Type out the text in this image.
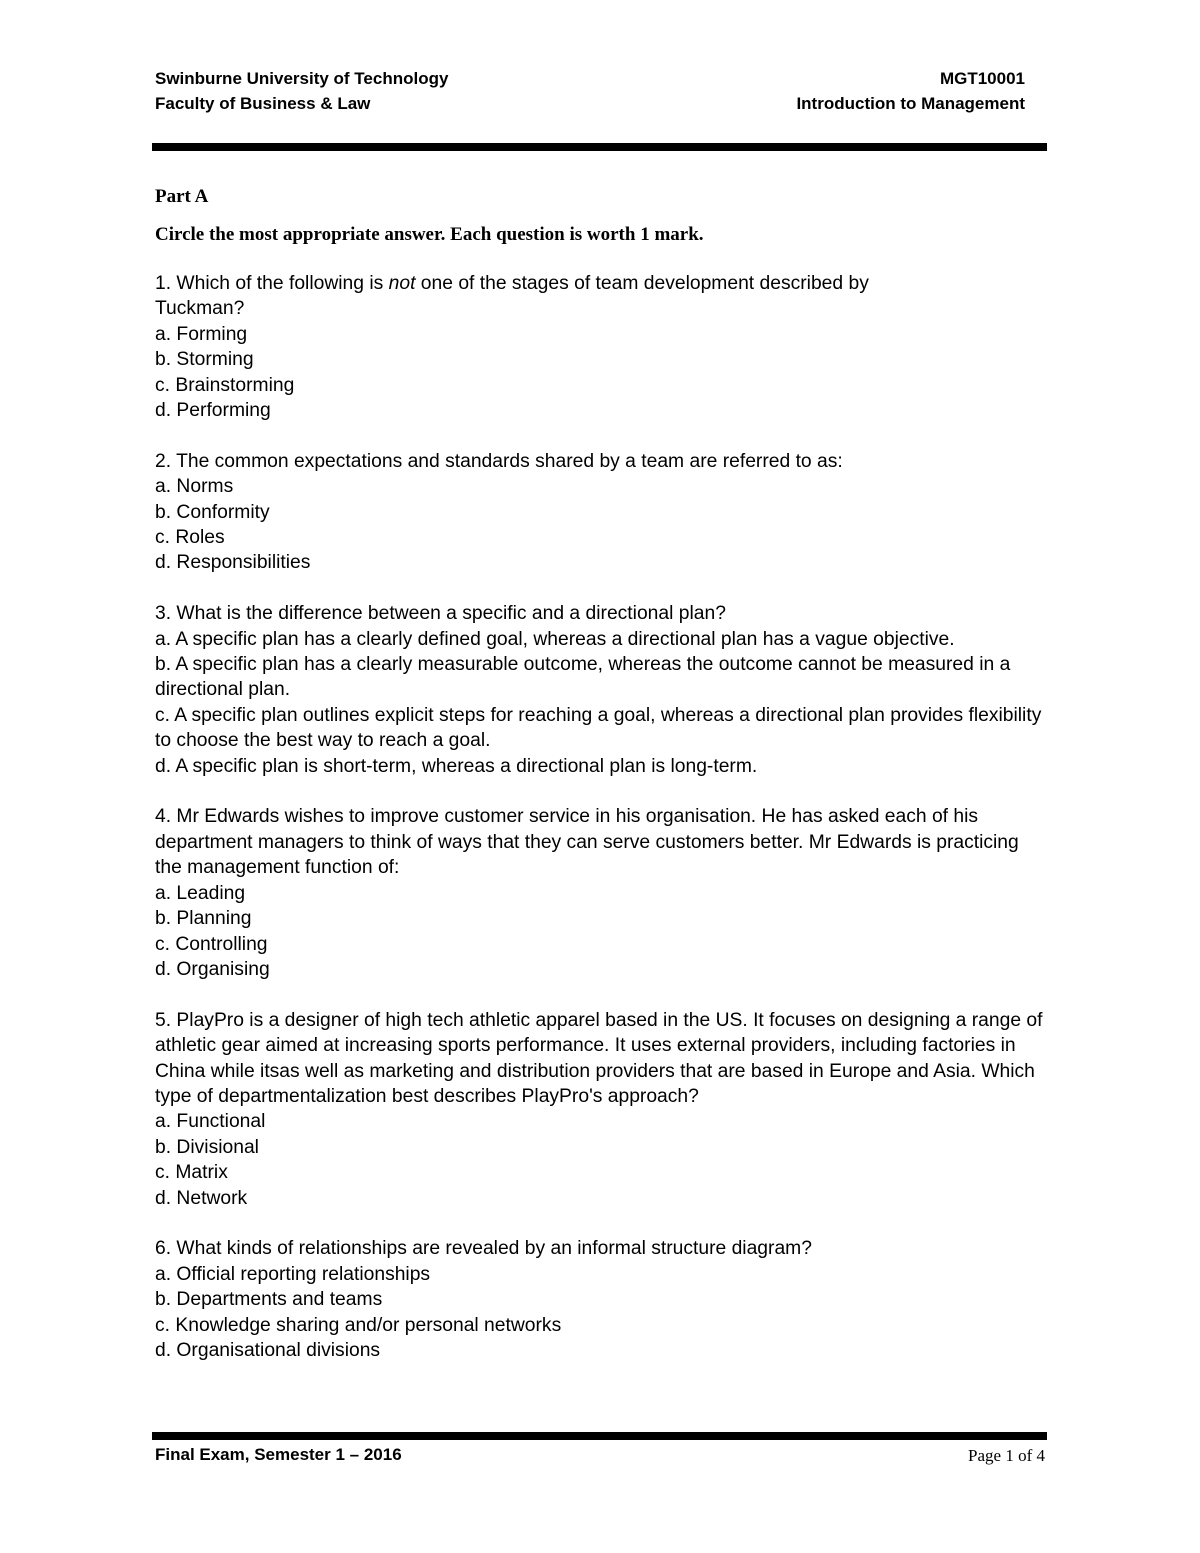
Swinburne University of Technology	MGT10001
Faculty of Business & Law	Introduction to Management
Part A
Circle the most appropriate answer. Each question is worth 1 mark.
1. Which of the following is not one of the stages of team development described by
Tuckman?
a. Forming
b. Storming
c. Brainstorming
d. Performing
2. The common expectations and standards shared by a team are referred to as:
a. Norms
b. Conformity
c. Roles
d. Responsibilities
3. What is the difference between a specific and a directional plan?
a. A specific plan has a clearly defined goal, whereas a directional plan has a vague objective.
b. A specific plan has a clearly measurable outcome, whereas the outcome cannot be measured in a directional plan.
c. A specific plan outlines explicit steps for reaching a goal, whereas a directional plan provides flexibility to choose the best way to reach a goal.
d. A specific plan is short-term, whereas a directional plan is long-term.
4. Mr Edwards wishes to improve customer service in his organisation. He has asked each of his department managers to think of ways that they can serve customers better. Mr Edwards is practicing the management function of:
a. Leading
b. Planning
c. Controlling
d. Organising
5. PlayPro is a designer of high tech athletic apparel based in the US. It focuses on designing a range of athletic gear aimed at increasing sports performance. It uses external providers, including factories in China while itsas well as marketing and distribution providers that are based in Europe and Asia. Which type of departmentalization best describes PlayPro's approach?
a. Functional
b. Divisional
c. Matrix
d. Network
6. What kinds of relationships are revealed by an informal structure diagram?
a. Official reporting relationships
b. Departments and teams
c. Knowledge sharing and/or personal networks
d. Organisational divisions
Final Exam, Semester 1 – 2016	Page 1 of 4
